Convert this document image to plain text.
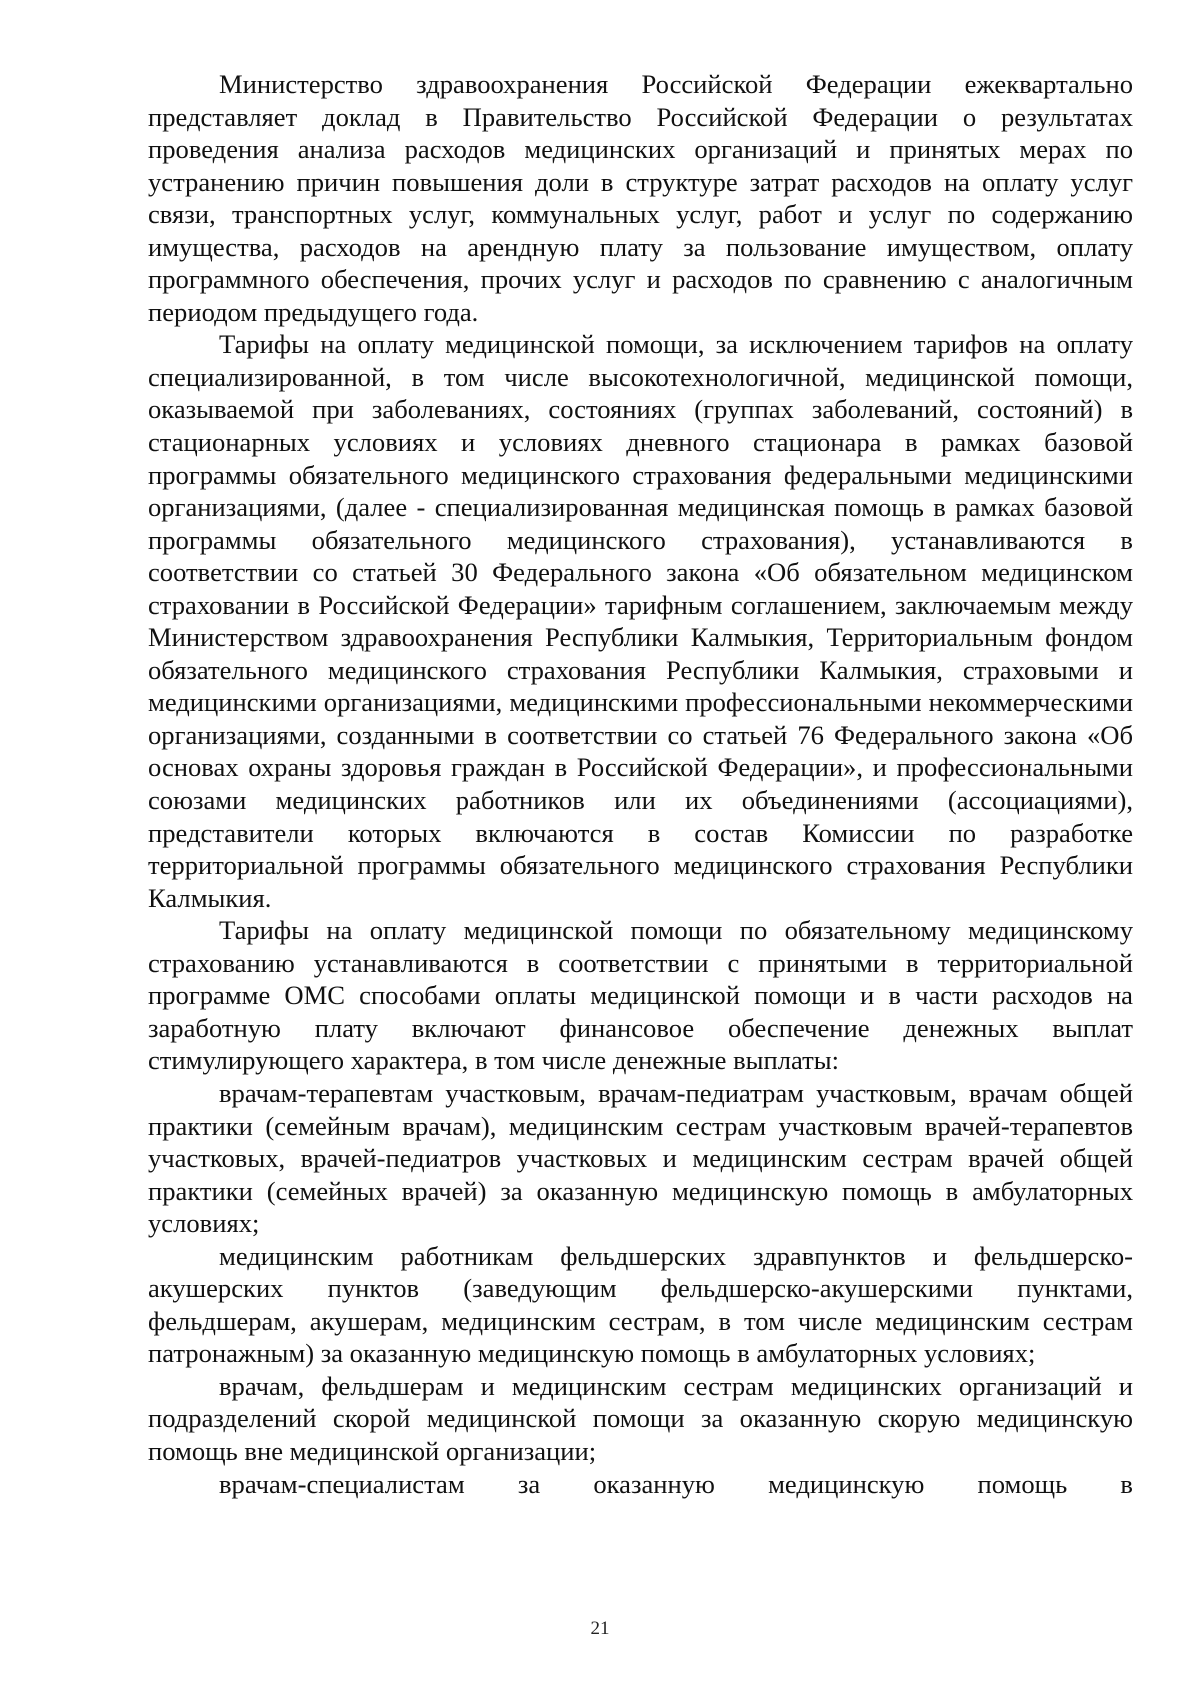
Министерство здравоохранения Российской Федерации ежеквартально представляет доклад в Правительство Российской Федерации о результатах проведения анализа расходов медицинских организаций и принятых мерах по устранению причин повышения доли в структуре затрат расходов на оплату услуг связи, транспортных услуг, коммунальных услуг, работ и услуг по содержанию имущества, расходов на арендную плату за пользование имуществом, оплату программного обеспечения, прочих услуг и расходов по сравнению с аналогичным периодом предыдущего года.

Тарифы на оплату медицинской помощи, за исключением тарифов на оплату специализированной, в том числе высокотехнологичной, медицинской помощи, оказываемой при заболеваниях, состояниях (группах заболеваний, состояний) в стационарных условиях и условиях дневного стационара в рамках базовой программы обязательного медицинского страхования федеральными медицинскими организациями, (далее - специализированная медицинская помощь в рамках базовой программы обязательного медицинского страхования), устанавливаются в соответствии со статьей 30 Федерального закона «Об обязательном медицинском страховании в Российской Федерации» тарифным соглашением, заключаемым между Министерством здравоохранения Республики Калмыкия, Территориальным фондом обязательного медицинского страхования Республики Калмыкия, страховыми и медицинскими организациями, медицинскими профессиональными некоммерческими организациями, созданными в соответствии со статьей 76 Федерального закона «Об основах охраны здоровья граждан в Российской Федерации», и профессиональными союзами медицинских работников или их объединениями (ассоциациями), представители которых включаются в состав Комиссии по разработке территориальной программы обязательного медицинского страхования Республики Калмыкия.

Тарифы на оплату медицинской помощи по обязательному медицинскому страхованию устанавливаются в соответствии с принятыми в территориальной программе ОМС способами оплаты медицинской помощи и в части расходов на заработную плату включают финансовое обеспечение денежных выплат стимулирующего характера, в том числе денежные выплаты:

врачам-терапевтам участковым, врачам-педиатрам участковым, врачам общей практики (семейным врачам), медицинским сестрам участковым врачей-терапевтов участковых, врачей-педиатров участковых и медицинским сестрам врачей общей практики (семейных врачей) за оказанную медицинскую помощь в амбулаторных условиях;

медицинским работникам фельдшерских здравпунктов и фельдшерско-акушерских пунктов (заведующим фельдшерско-акушерскими пунктами, фельдшерам, акушерам, медицинским сестрам, в том числе медицинским сестрам патронажным) за оказанную медицинскую помощь в амбулаторных условиях;

врачам, фельдшерам и медицинским сестрам медицинских организаций и подразделений скорой медицинской помощи за оказанную скорую медицинскую помощь вне медицинской организации;

врачам-специалистам за оказанную медицинскую помощь в

21
